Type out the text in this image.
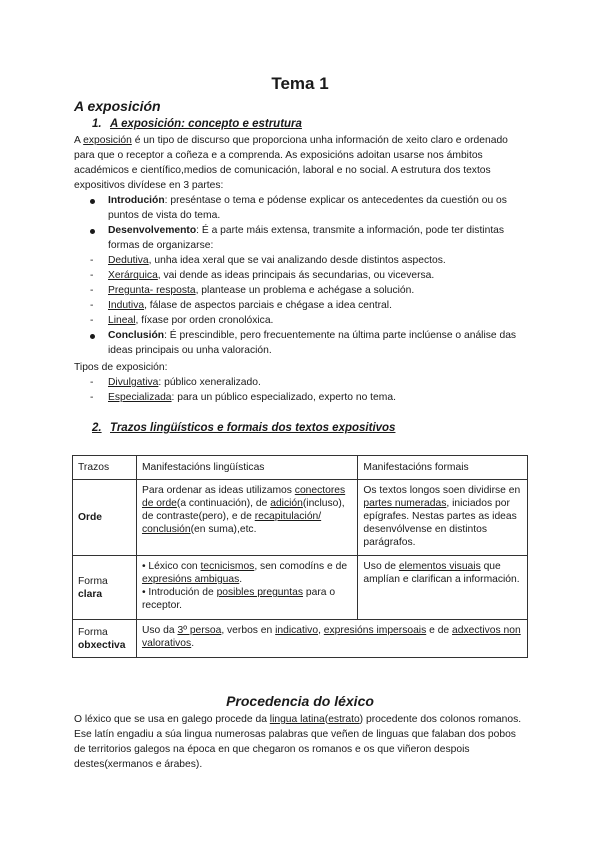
Tema 1
A exposición
1. A exposición: concepto e estrutura
A exposición é un tipo de discurso que proporciona unha información de xeito claro e ordenado para que o receptor a coñeza e a comprenda. As exposicións adoitan usarse nos ámbitos académicos e científico,medios de comunicación, laboral e no social. A estrutura dos textos expositivos divídese en 3 partes:
Introdución: preséntase o tema e pódense explicar os antecedentes da cuestión ou os puntos de vista do tema.
Desenvolvemento: É a parte máis extensa, transmite a información, pode ter distintas formas de organizarse:
- Dedutiva, unha idea xeral que se vai analizando desde distintos aspectos.
- Xerárquica, vai dende as ideas principais ás secundarias, ou viceversa.
- Pregunta- resposta, plantease un problema e achégase a solución.
- Indutiva, fálase de aspectos parciais e chégase a idea central.
- Lineal, fíxase por orden cronolóxica.
Conclusión: É prescindible, pero frecuentemente na última parte inclúense o análise das ideas principais ou unha valoración.
Tipos de exposición:
- Divulgativa: público xeneralizado.
- Especializada: para un público especializado, experto no tema.
2. Trazos lingüísticos e formais dos textos expositivos
Trazos	Manifestacións lingüísticas	Manifestacións formais
Orde	Para ordenar as ideas utilizamos conectores de orde(a continuación), de adición(incluso), de contraste(pero), e de recapitulación/ conclusión(en suma),etc.	Os textos longos soen dividirse en partes numeradas, iniciados por epígrafes. Nestas partes as ideas desenvólvense en distintos parágrafos.
Forma
clara	• Léxico con tecnicismos, sen comodíns e de expresións ambiguas.
• Introdución de posibles preguntas para o receptor.	Uso de elementos visuais que amplían e clarifican a información.
Forma
obxectiva	Uso da 3º persoa, verbos en indicativo, expresións impersoais e de adxectivos non valorativos.	
Procedencia do léxico
O léxico que se usa en galego procede da lingua latina(estrato) procedente dos colonos romanos. Ese latín engadiu a súa lingua numerosas palabras que veñen de linguas que falaban dos pobos de territorios galegos na época en que chegaron os romanos e os que viñeron despois destes(xermanos e árabes).
